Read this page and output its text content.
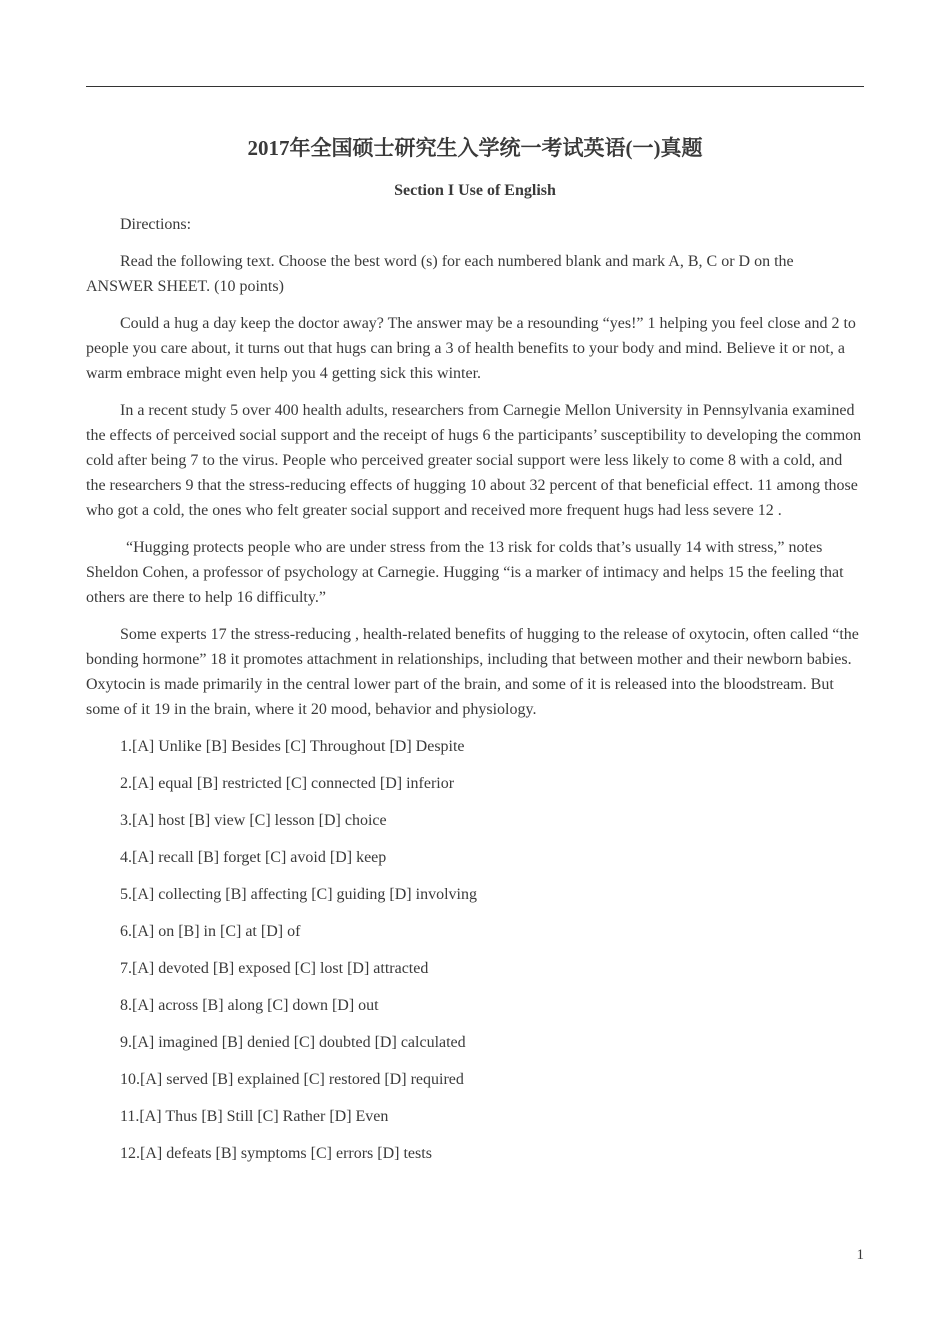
2017年全国硕士研究生入学统一考试英语(一)真题
Section I Use of English

Directions:

Read the following text. Choose the best word (s) for each numbered blank and mark A, B, C or D on the ANSWER SHEET. (10 points)

Could a hug a day keep the doctor away? The answer may be a resounding “yes!” 1 helping you feel close and 2 to people you care about, it turns out that hugs can bring a 3 of health benefits to your body and mind. Believe it or not, a warm embrace might even help you 4 getting sick this winter.

In a recent study 5 over 400 health adults, researchers from Carnegie Mellon University in Pennsylvania examined the effects of perceived social support and the receipt of hugs 6 the participants’ susceptibility to developing the common cold after being 7 to the virus. People who perceived greater social support were less likely to come 8 with a cold, and the researchers 9 that the stress-reducing effects of hugging 10 about 32 percent of that beneficial effect. 11 among those who got a cold, the ones who felt greater social support and received more frequent hugs had less severe 12 .

“Hugging protects people who are under stress from the 13 risk for colds that’s usually 14 with stress,” notes Sheldon Cohen, a professor of psychology at Carnegie. Hugging “is a marker of intimacy and helps 15 the feeling that others are there to help 16 difficulty.”

Some experts 17 the stress-reducing , health-related benefits of hugging to the release of oxytocin, often called “the bonding hormone” 18 it promotes attachment in relationships, including that between mother and their newborn babies. Oxytocin is made primarily in the central lower part of the brain, and some of it is released into the bloodstream. But some of it 19 in the brain, where it 20 mood, behavior and physiology.

1.[A] Unlike [B] Besides [C] Throughout [D] Despite

2.[A] equal [B] restricted [C] connected [D] inferior

3.[A] host [B] view [C] lesson [D] choice

4.[A] recall [B] forget [C] avoid [D] keep

5.[A] collecting [B] affecting [C] guiding [D] involving

6.[A] on [B] in [C] at [D] of

7.[A] devoted [B] exposed [C] lost [D] attracted

8.[A] across [B] along [C] down [D] out

9.[A] imagined [B] denied [C] doubted [D] calculated

10.[A] served [B] explained [C] restored [D] required

11.[A] Thus [B] Still [C] Rather [D] Even

12.[A] defeats [B] symptoms [C] errors [D] tests

1
